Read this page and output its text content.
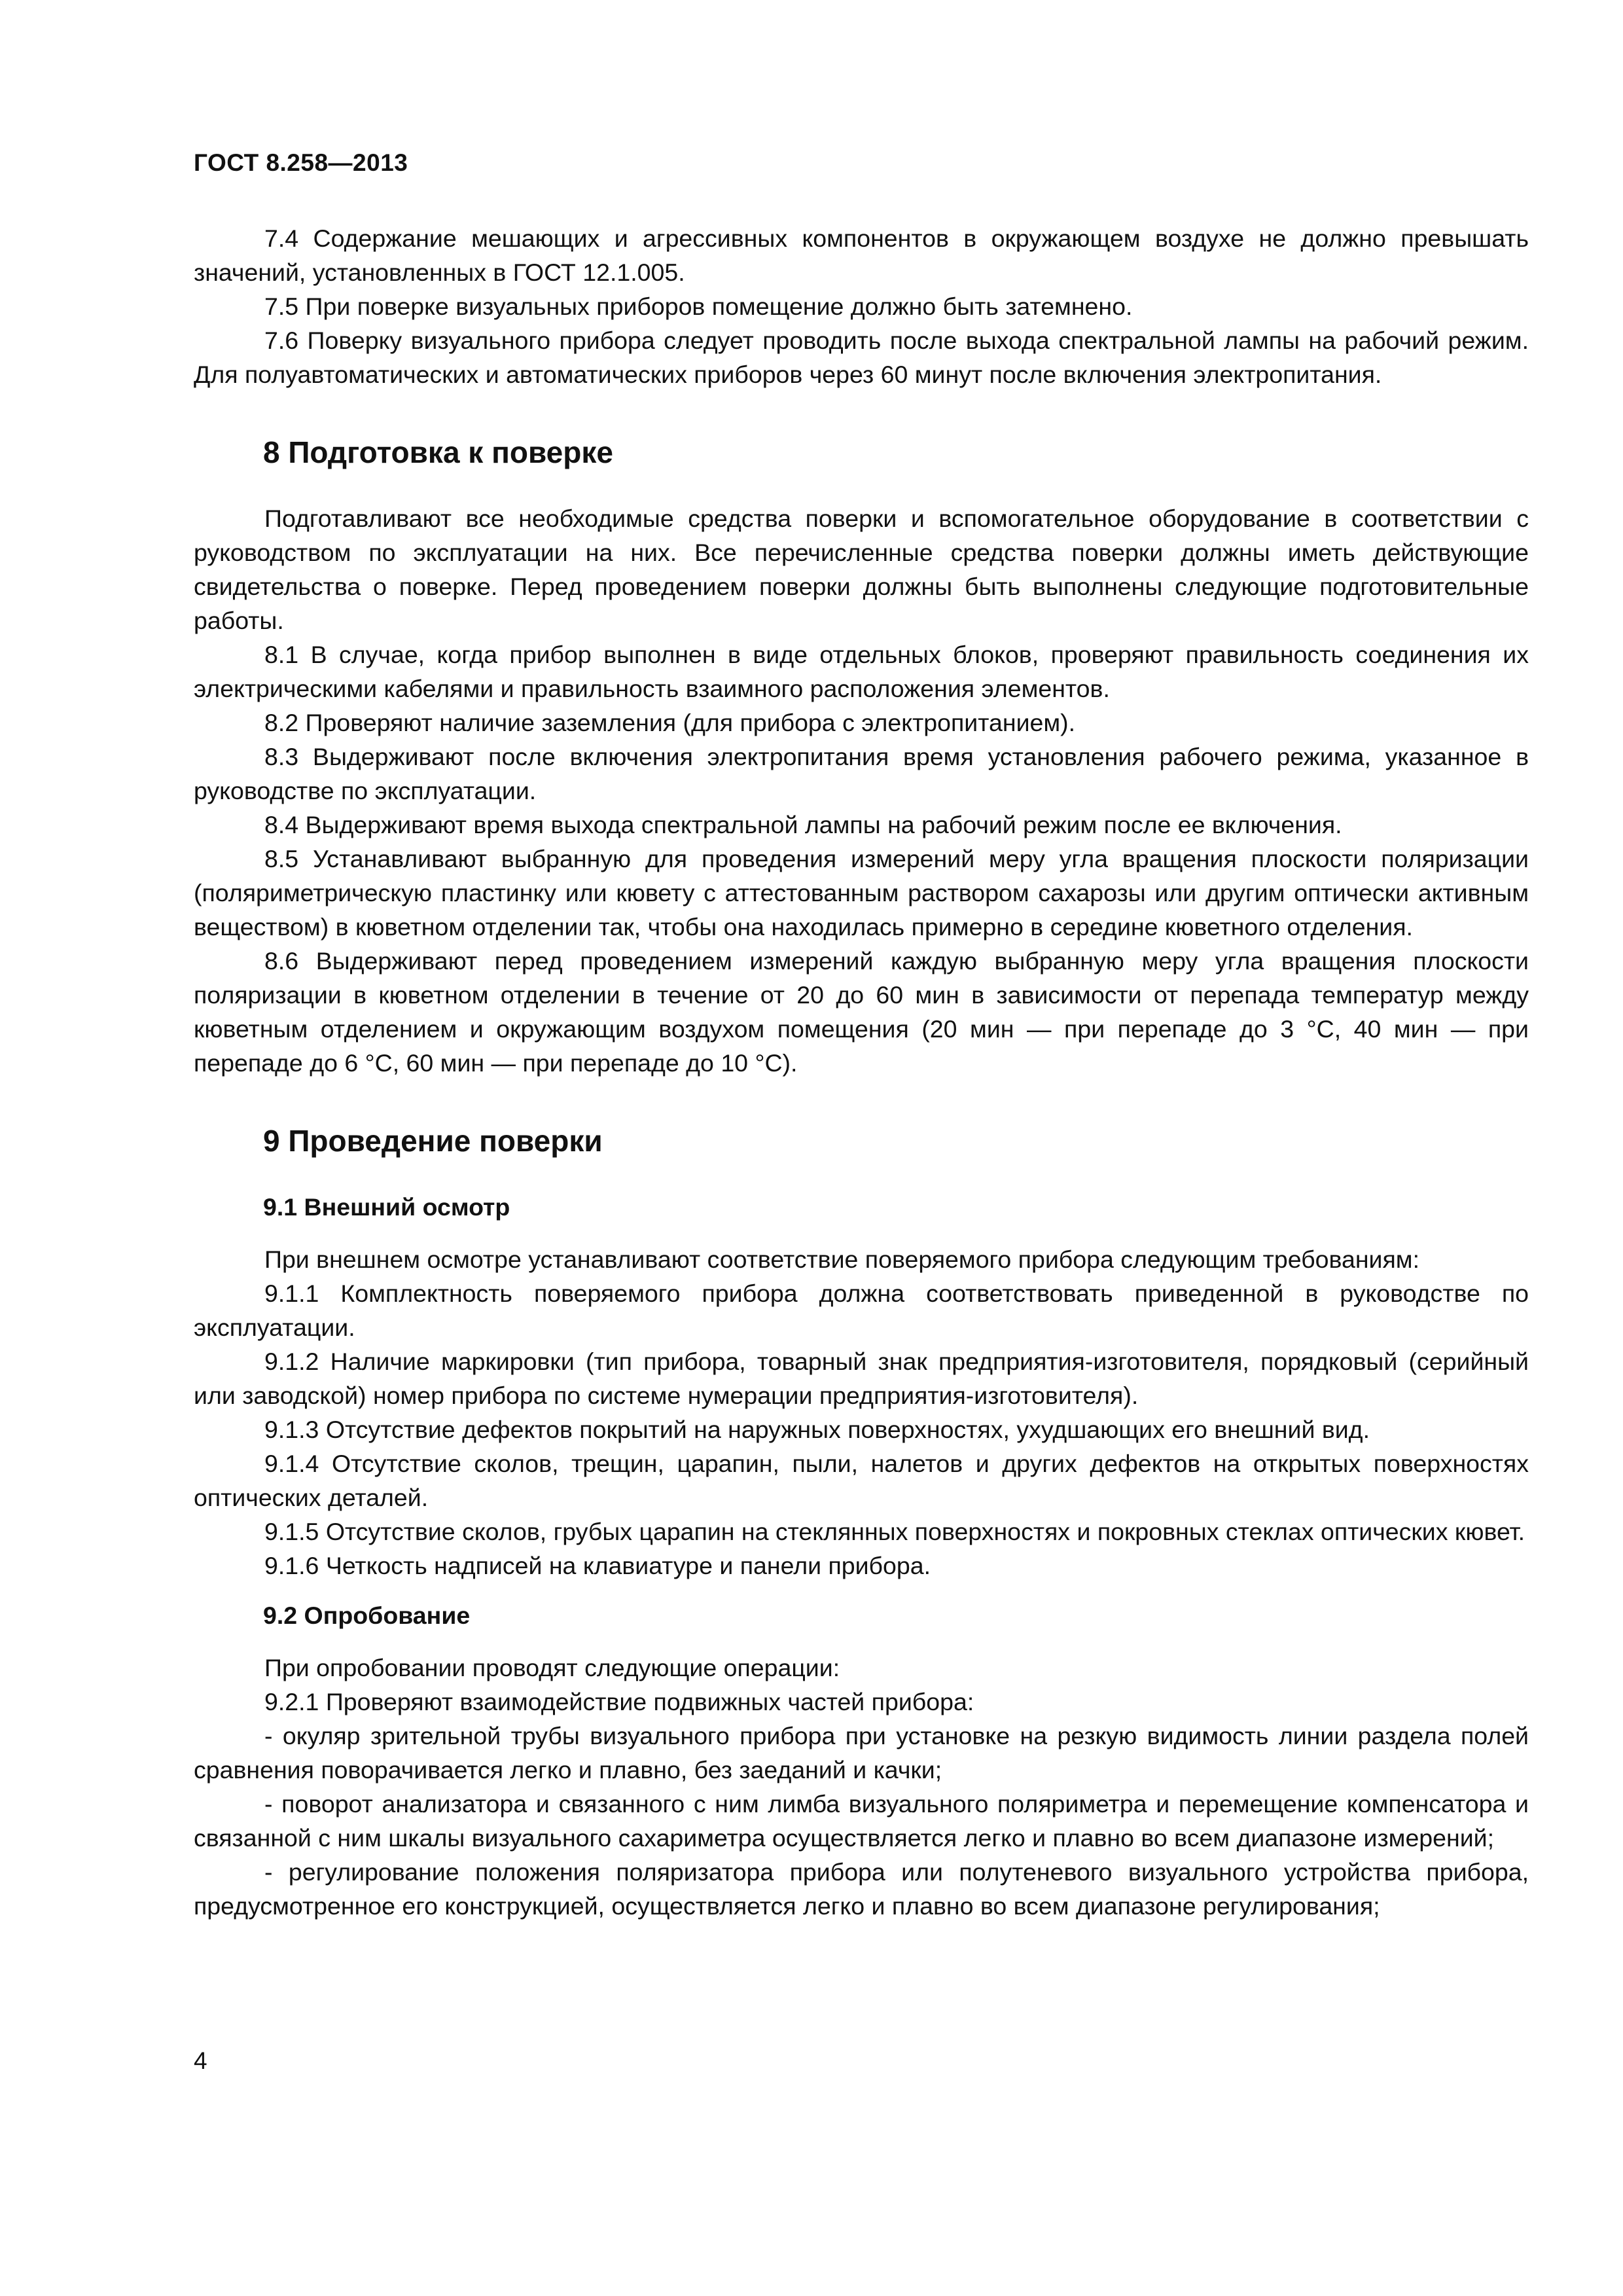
ГОСТ 8.258—2013

7.4 Содержание мешающих и агрессивных компонентов в окружающем воздухе не должно превышать значений, установленных в ГОСТ 12.1.005.

7.5 При поверке визуальных приборов помещение должно быть затемнено.

7.6 Поверку визуального прибора следует проводить после выхода спектральной лампы на рабочий режим. Для полуавтоматических и автоматических приборов через 60 минут после включения электропитания.

8 Подготовка к поверке

Подготавливают все необходимые средства поверки и вспомогательное оборудование в соответствии с руководством по эксплуатации на них. Все перечисленные средства поверки должны иметь действующие свидетельства о поверке. Перед проведением поверки должны быть выполнены следующие подготовительные работы.

8.1 В случае, когда прибор выполнен в виде отдельных блоков, проверяют правильность соединения их электрическими кабелями и правильность взаимного расположения элементов.

8.2 Проверяют наличие заземления (для прибора с электропитанием).

8.3 Выдерживают после включения электропитания время установления рабочего режима, указанное в руководстве по эксплуатации.

8.4 Выдерживают время выхода спектральной лампы на рабочий режим после ее включения.

8.5 Устанавливают выбранную для проведения измерений меру угла вращения плоскости поляризации (поляриметрическую пластинку или кювету с аттестованным раствором сахарозы или другим оптически активным веществом) в кюветном отделении так, чтобы она находилась примерно в середине кюветного отделения.

8.6 Выдерживают перед проведением измерений каждую выбранную меру угла вращения плоскости поляризации в кюветном отделении в течение от 20 до 60 мин в зависимости от перепада температур между кюветным отделением и окружающим воздухом помещения (20 мин — при перепаде до 3 °С, 40 мин — при перепаде до 6 °С, 60 мин — при перепаде до 10 °С).

9 Проведение поверки
9.1 Внешний осмотр

При внешнем осмотре устанавливают соответствие поверяемого прибора следующим требованиям:

9.1.1 Комплектность поверяемого прибора должна соответствовать приведенной в руководстве по эксплуатации.

9.1.2 Наличие маркировки (тип прибора, товарный знак предприятия-изготовителя, порядковый (серийный или заводской) номер прибора по системе нумерации предприятия-изготовителя).

9.1.3 Отсутствие дефектов покрытий на наружных поверхностях, ухудшающих его внешний вид.

9.1.4 Отсутствие сколов, трещин, царапин, пыли, налетов и других дефектов на открытых поверхностях оптических деталей.

9.1.5 Отсутствие сколов, грубых царапин на стеклянных поверхностях и покровных стеклах оптических кювет.

9.1.6 Четкость надписей на клавиатуре и панели прибора.

9.2 Опробование

При опробовании проводят следующие операции:

9.2.1 Проверяют взаимодействие подвижных частей прибора:

- окуляр зрительной трубы визуального прибора при установке на резкую видимость линии раздела полей сравнения поворачивается легко и плавно, без заеданий и качки;

- поворот анализатора и связанного с ним лимба визуального поляриметра и перемещение компенсатора и связанной с ним шкалы визуального сахариметра осуществляется легко и плавно во всем диапазоне измерений;

- регулирование положения поляризатора прибора или полутеневого визуального устройства прибора, предусмотренное его конструкцией, осуществляется легко и плавно во всем диапазоне регулирования;

4
